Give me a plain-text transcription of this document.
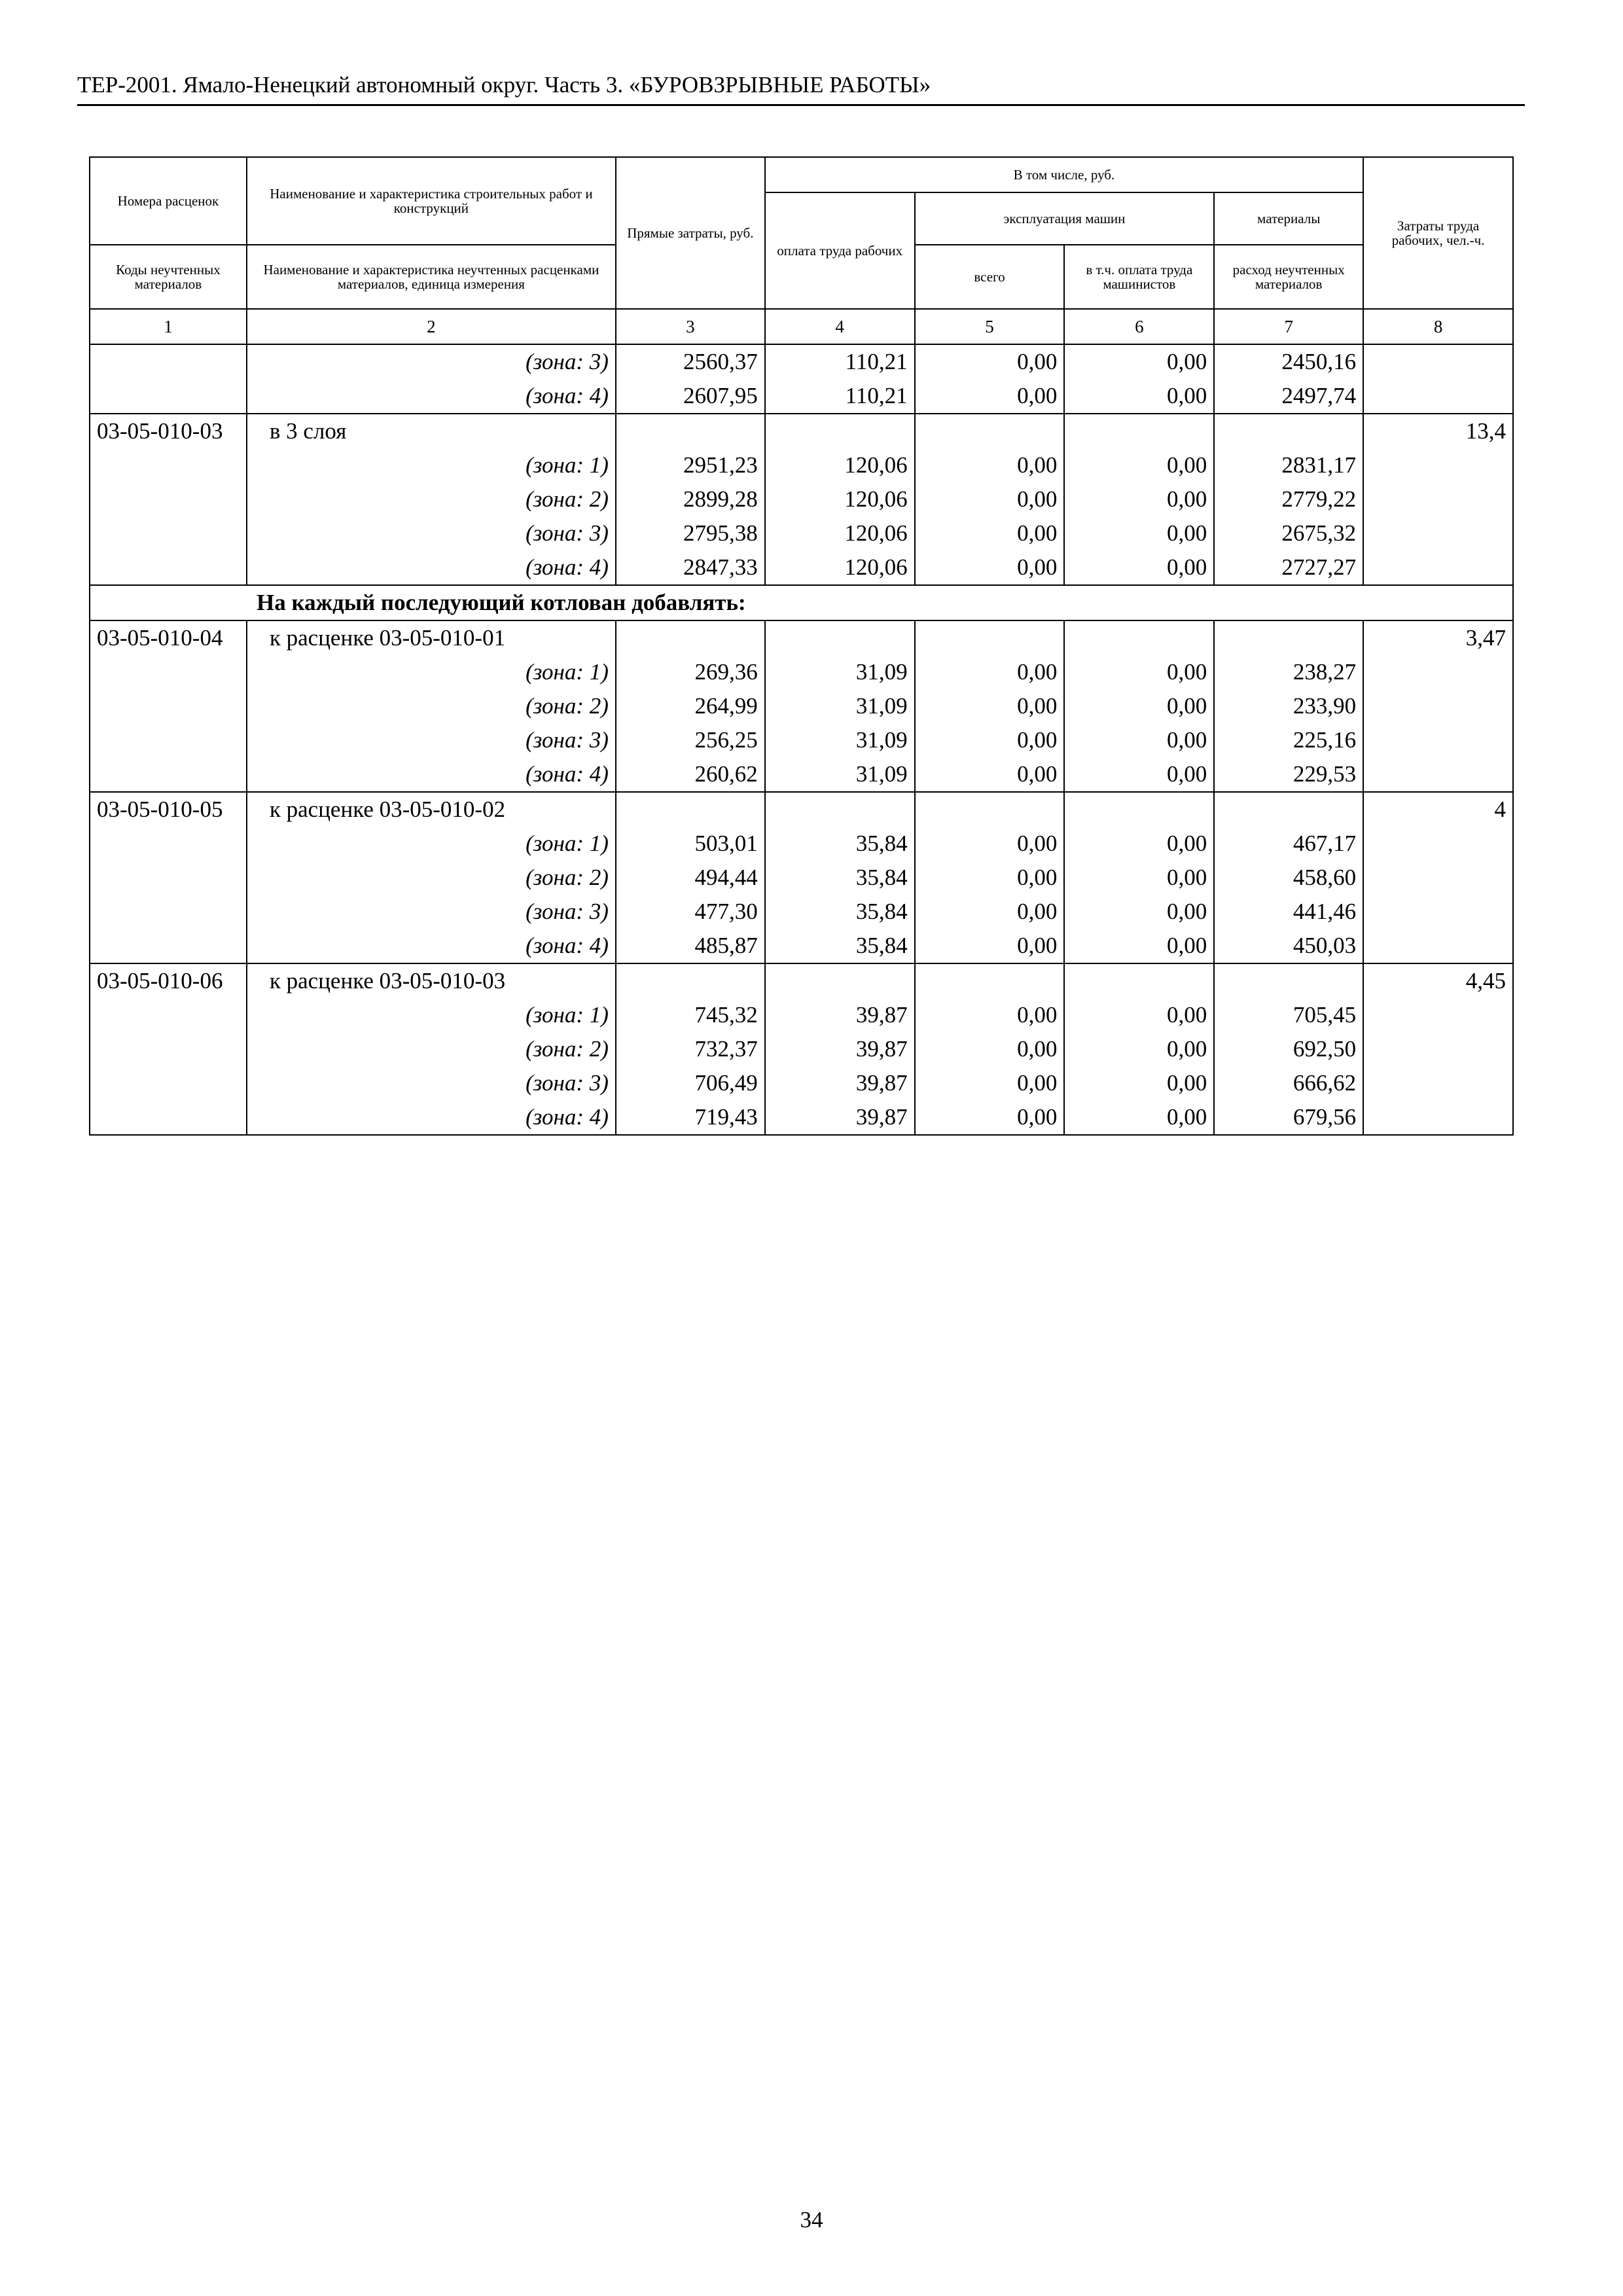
ТЕР-2001. Ямало-Ненецкий автономный округ. Часть 3. «БУРОВЗРЫВНЫЕ РАБОТЫ»
Номера расценок	Наименование и характеристика строительных работ и конструкций	Прямые затраты, руб.	В том числе, руб.				Затраты труда рабочих, чел.-ч.
			оплата труда рабочих	эксплуатация машин		материалы	
Коды неучтенных материалов	Наименование и характеристика неучтенных расценками материалов, единица измерения			всего	в т.ч. оплата труда машинистов	расход неучтенных материалов	
1	2	3	4	5	6	7	8
	(зона: 3)	2560,37	110,21	0,00	0,00	2450,16	
	(зона: 4)	2607,95	110,21	0,00	0,00	2497,74	
03-05-010-03	в 3 слоя						13,4
	(зона: 1)	2951,23	120,06	0,00	0,00	2831,17	
	(зона: 2)	2899,28	120,06	0,00	0,00	2779,22	
	(зона: 3)	2795,38	120,06	0,00	0,00	2675,32	
	(зона: 4)	2847,33	120,06	0,00	0,00	2727,27	
На каждый последующий котлован добавлять:							
03-05-010-04	к расценке 03-05-010-01						3,47
	(зона: 1)	269,36	31,09	0,00	0,00	238,27	
	(зона: 2)	264,99	31,09	0,00	0,00	233,90	
	(зона: 3)	256,25	31,09	0,00	0,00	225,16	
	(зона: 4)	260,62	31,09	0,00	0,00	229,53	
03-05-010-05	к расценке 03-05-010-02						4
	(зона: 1)	503,01	35,84	0,00	0,00	467,17	
	(зона: 2)	494,44	35,84	0,00	0,00	458,60	
	(зона: 3)	477,30	35,84	0,00	0,00	441,46	
	(зона: 4)	485,87	35,84	0,00	0,00	450,03	
03-05-010-06	к расценке 03-05-010-03						4,45
	(зона: 1)	745,32	39,87	0,00	0,00	705,45	
	(зона: 2)	732,37	39,87	0,00	0,00	692,50	
	(зона: 3)	706,49	39,87	0,00	0,00	666,62	
	(зона: 4)	719,43	39,87	0,00	0,00	679,56	
34
